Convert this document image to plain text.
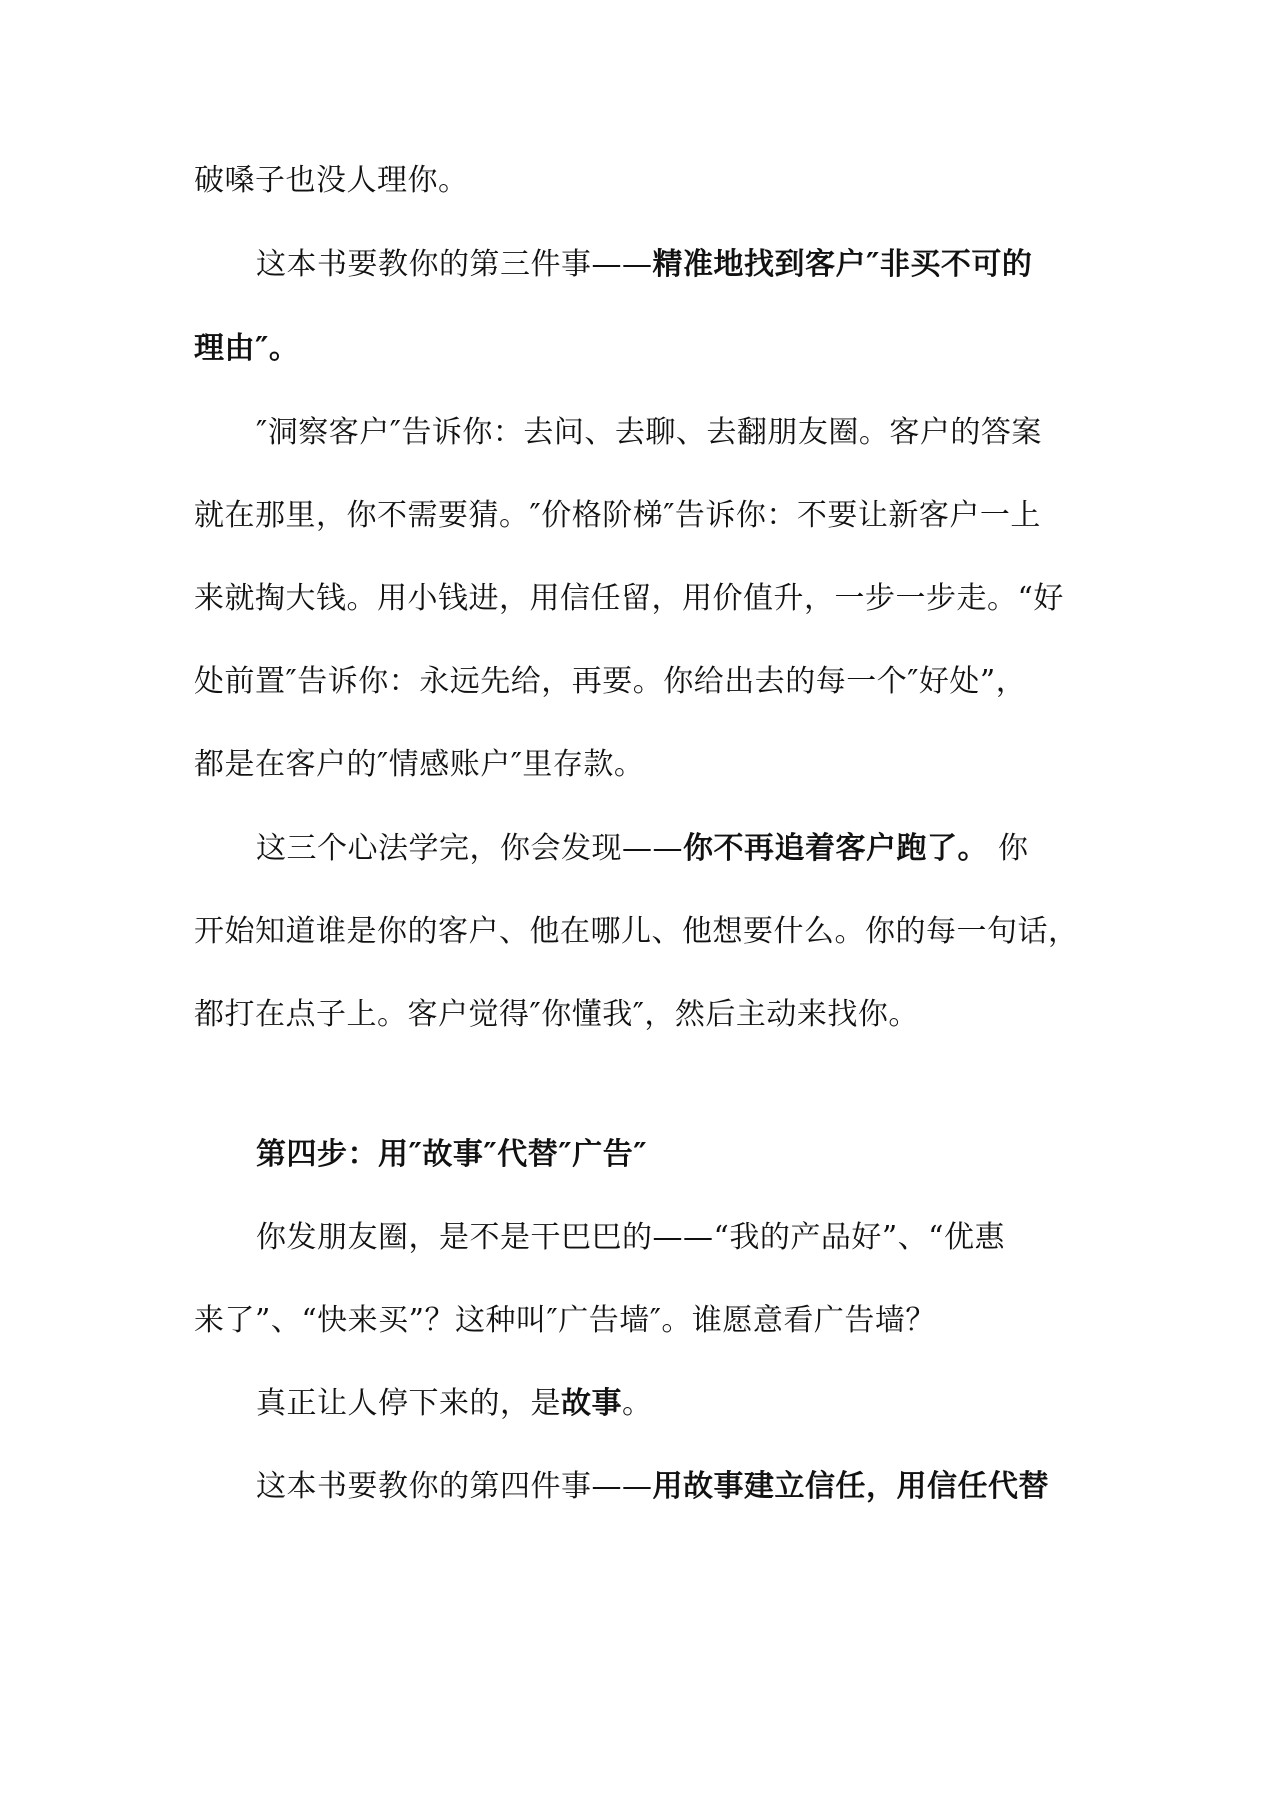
破嗓子也没人理你。

这本书要教你的第三件事——精准地找到客户″非买不可的

理由″。

″洞察客户″告诉你：去问、去聊、去翻朋友圈。客户的答案

就在那里，你不需要猜。″价格阶梯″告诉你：不要让新客户一上

来就掏大钱。用小钱进，用信任留，用价值升，一步一步走。“好

处前置″告诉你：永远先给，再要。你给出去的每一个″好处”，

都是在客户的″情感账户″里存款。

这三个心法学完，你会发现——你不再追着客户跑了。 你

开始知道谁是你的客户、他在哪儿、他想要什么。你的每一句话，

都打在点子上。客户觉得″你懂我″，然后主动来找你。

第四步：用″故事″代替″广告″

你发朋友圈，是不是干巴巴的——“我的产品好”、“优惠

来了”、“快来买”？这种叫″广告墙″。谁愿意看广告墙？

真正让人停下来的，是故事。

这本书要教你的第四件事——用故事建立信任，用信任代替
